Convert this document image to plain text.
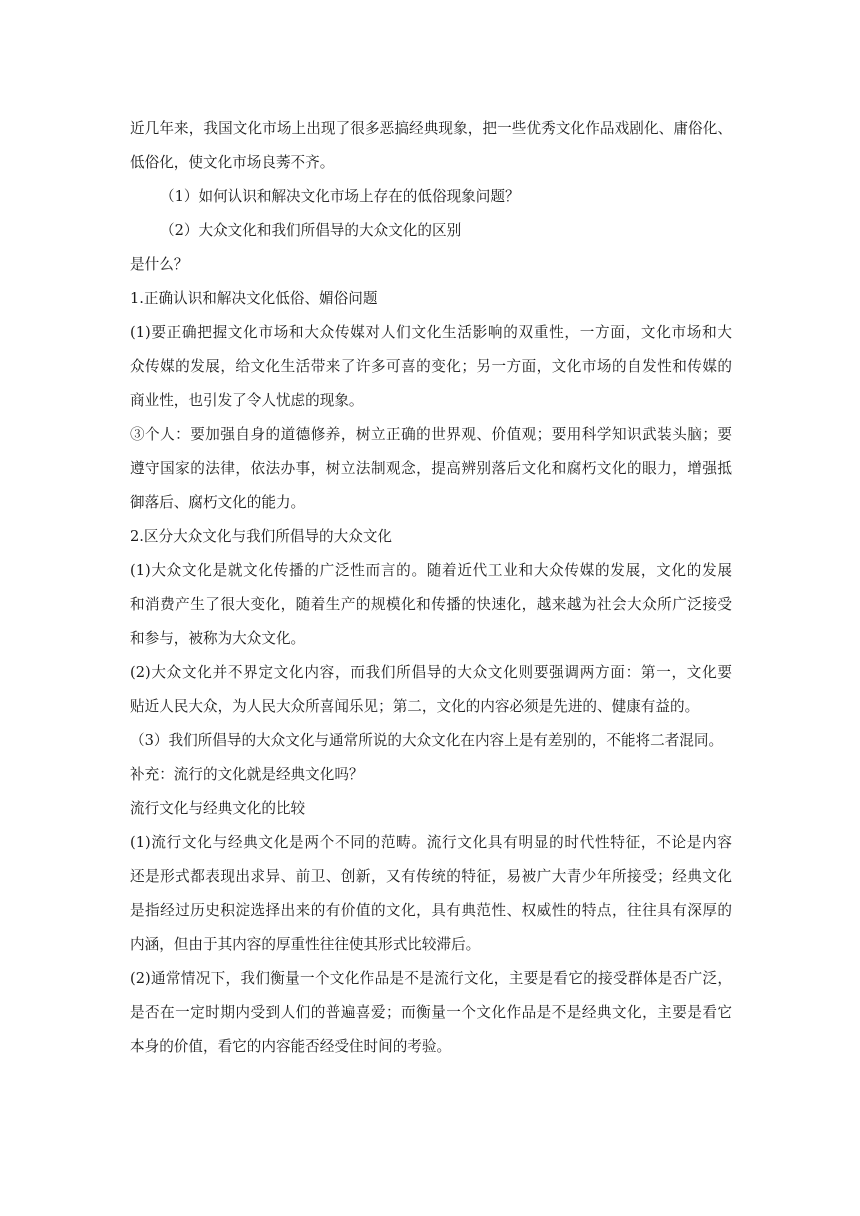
近几年来，我国文化市场上出现了很多恶搞经典现象，把一些优秀文化作品戏剧化、庸俗化、
低俗化，使文化市场良莠不齐。
（1）如何认识和解决文化市场上存在的低俗现象问题？
（2）大众文化和我们所倡导的大众文化的区别
是什么？
1.正确认识和解决文化低俗、媚俗问题
(1)要正确把握文化市场和大众传媒对人们文化生活影响的双重性，一方面，文化市场和大
众传媒的发展，给文化生活带来了许多可喜的变化；另一方面，文化市场的自发性和传媒的
商业性，也引发了令人忧虑的现象。
③个人：要加强自身的道德修养，树立正确的世界观、价值观；要用科学知识武装头脑；要
遵守国家的法律，依法办事，树立法制观念，提高辨别落后文化和腐朽文化的眼力，增强抵
御落后、腐朽文化的能力。
2.区分大众文化与我们所倡导的大众文化
(1)大众文化是就文化传播的广泛性而言的。随着近代工业和大众传媒的发展，文化的发展
和消费产生了很大变化，随着生产的规模化和传播的快速化，越来越为社会大众所广泛接受
和参与，被称为大众文化。
(2)大众文化并不界定文化内容，而我们所倡导的大众文化则要强调两方面：第一，文化要
贴近人民大众，为人民大众所喜闻乐见；第二，文化的内容必须是先进的、健康有益的。
（3）我们所倡导的大众文化与通常所说的大众文化在内容上是有差别的，不能将二者混同。
补充：流行的文化就是经典文化吗？
流行文化与经典文化的比较
(1)流行文化与经典文化是两个不同的范畴。流行文化具有明显的时代性特征，不论是内容
还是形式都表现出求异、前卫、创新，又有传统的特征，易被广大青少年所接受；经典文化
是指经过历史积淀选择出来的有价值的文化，具有典范性、权威性的特点，往往具有深厚的
内涵，但由于其内容的厚重性往往使其形式比较滞后。
(2)通常情况下，我们衡量一个文化作品是不是流行文化，主要是看它的接受群体是否广泛，
是否在一定时期内受到人们的普遍喜爱；而衡量一个文化作品是不是经典文化，主要是看它
本身的价值，看它的内容能否经受住时间的考验。
